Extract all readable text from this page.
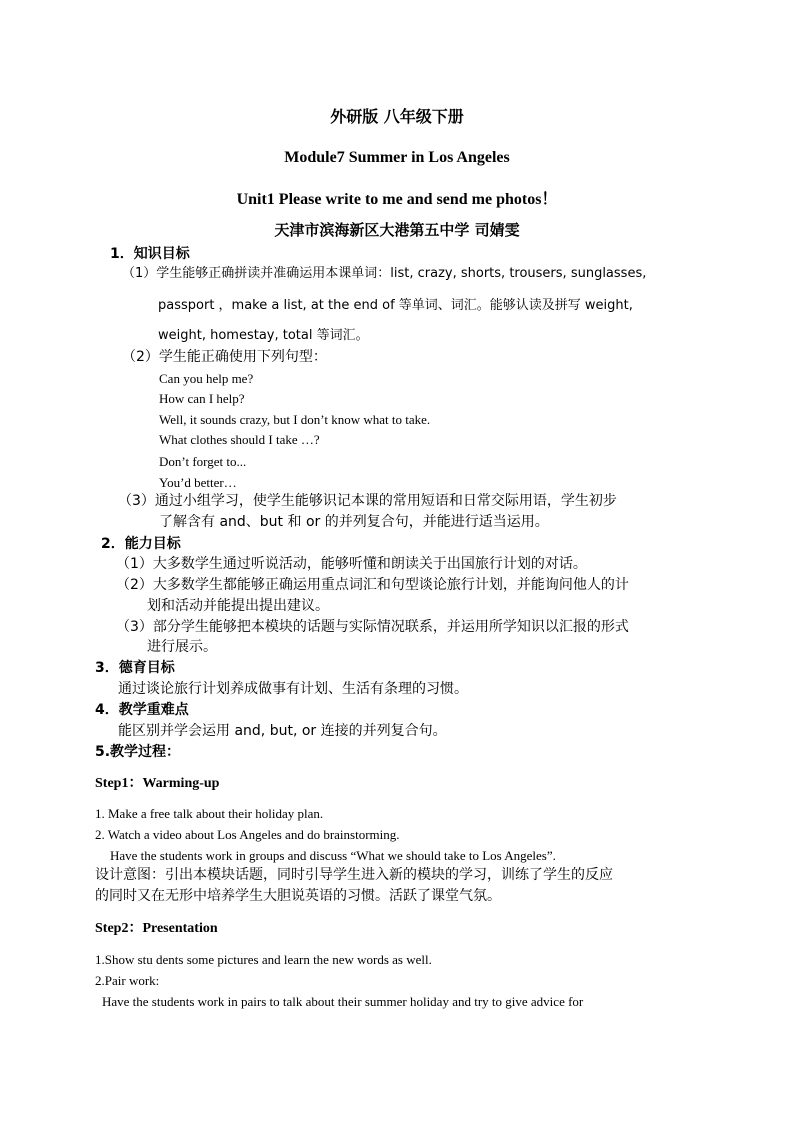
外研版 八年级下册
Module7 Summer in Los Angeles
Unit1 Please write to me and send me photos！
天津市滨海新区大港第五中学 司婧雯
1．知识目标
（1）学生能够正确拼读并准确运用本课单词：list, crazy, shorts, trousers, sunglasses,
passport ，make a list, at the end of 等单词、词汇。能够认读及拼写 weight,
weight, homestay, total 等词汇。
（2）学生能正确使用下列句型：
Can you help me?
How can I help?
Well, it sounds crazy, but I don’t know what to take.
What clothes should I take …?
Don’t forget to...
You’d better…
（3）通过小组学习，使学生能够识记本课的常用短语和日常交际用语，学生初步
了解含有 and、but 和 or 的并列复合句，并能进行适当运用。
2．能力目标
（1）大多数学生通过听说活动，能够听懂和朗读关于出国旅行计划的对话。
（2）大多数学生都能够正确运用重点词汇和句型谈论旅行计划，并能询问他人的计
划和活动并能提出提出建议。
（3）部分学生能够把本模块的话题与实际情况联系，并运用所学知识以汇报的形式
进行展示。
3．德育目标
通过谈论旅行计划养成做事有计划、生活有条理的习惯。
4．教学重难点
能区别并学会运用 and, but, or 连接的并列复合句。
5.教学过程：
Step1：Warming-up
1. Make a free talk about their holiday plan.
2. Watch a video about Los Angeles and do brainstorming.
Have the students work in groups and discuss “What we should take to Los Angeles”.
设计意图：引出本模块话题，同时引导学生进入新的模块的学习，训练了学生的反应
的同时又在无形中培养学生大胆说英语的习惯。活跃了课堂气氛。
Step2：Presentation
1.Show stu dents some pictures and learn the new words as well.
2.Pair work:
Have the students work in pairs to talk about their summer holiday and try to give advice for
